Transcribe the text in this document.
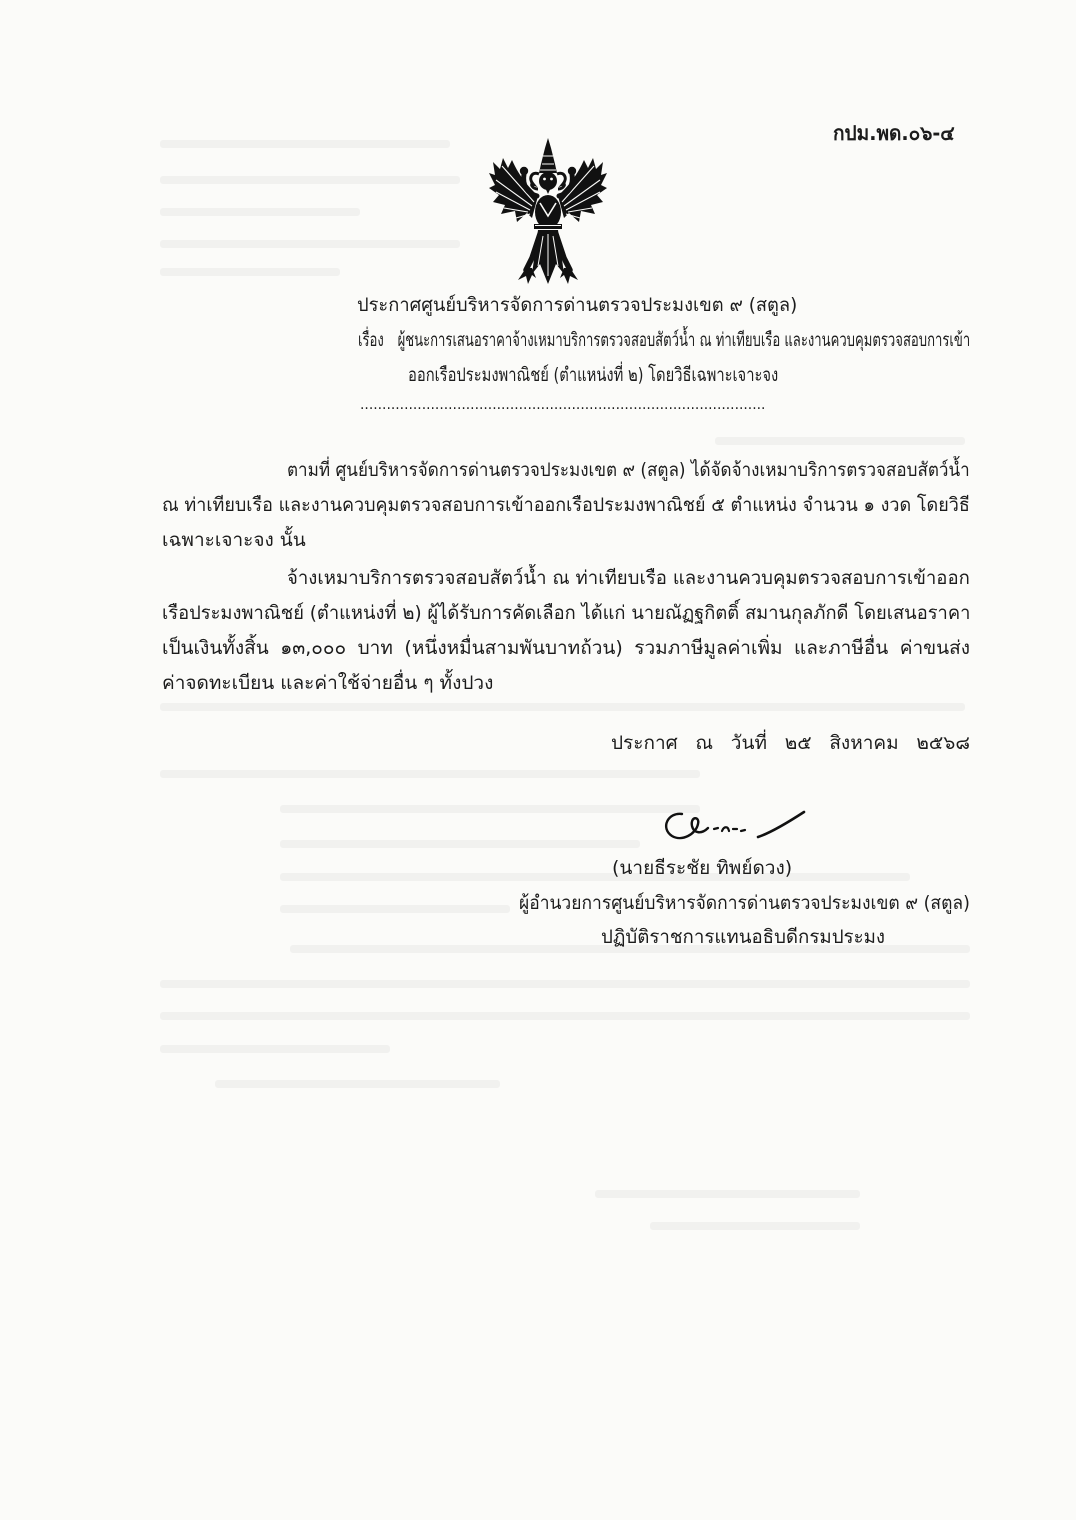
กปม.พด.๐๖-๔
ประกาศศูนย์บริหารจัดการด่านตรวจประมงเขต ๙ (สตูล)
เรื่อง ผู้ชนะการเสนอราคาจ้างเหมาบริการตรวจสอบสัตว์น้ำ ณ ท่าเทียบเรือ และงานควบคุมตรวจสอบการเข้า
ออกเรือประมงพาณิชย์ (ตำแหน่งที่ ๒) โดยวิธีเฉพาะเจาะจง
............................................................................................
ตามที่ ศูนย์บริหารจัดการด่านตรวจประมงเขต ๙ (สตูล) ได้จัดจ้างเหมาบริการตรวจสอบสัตว์น้ำ
ณ ท่าเทียบเรือ และงานควบคุมตรวจสอบการเข้าออกเรือประมงพาณิชย์ ๕ ตำแหน่ง จำนวน ๑ งวด โดยวิธี
เฉพาะเจาะจง นั้น
จ้างเหมาบริการตรวจสอบสัตว์น้ำ ณ ท่าเทียบเรือ และงานควบคุมตรวจสอบการเข้าออก
เรือประมงพาณิชย์ (ตำแหน่งที่ ๒) ผู้ได้รับการคัดเลือก ได้แก่ นายณัฏฐกิตติ์ สมานกุลภักดี โดยเสนอราคา
เป็นเงินทั้งสิ้น ๑๓,๐๐๐ บาท (หนึ่งหมื่นสามพันบาทถ้วน) รวมภาษีมูลค่าเพิ่ม และภาษีอื่น ค่าขนส่ง
ค่าจดทะเบียน และค่าใช้จ่ายอื่น ๆ ทั้งปวง
ประกาศ ณ วันที่ ๒๕ สิงหาคม ๒๕๖๘
(นายธีระชัย ทิพย์ดวง)
ผู้อำนวยการศูนย์บริหารจัดการด่านตรวจประมงเขต ๙ (สตูล)
ปฏิบัติราชการแทนอธิบดีกรมประมง
